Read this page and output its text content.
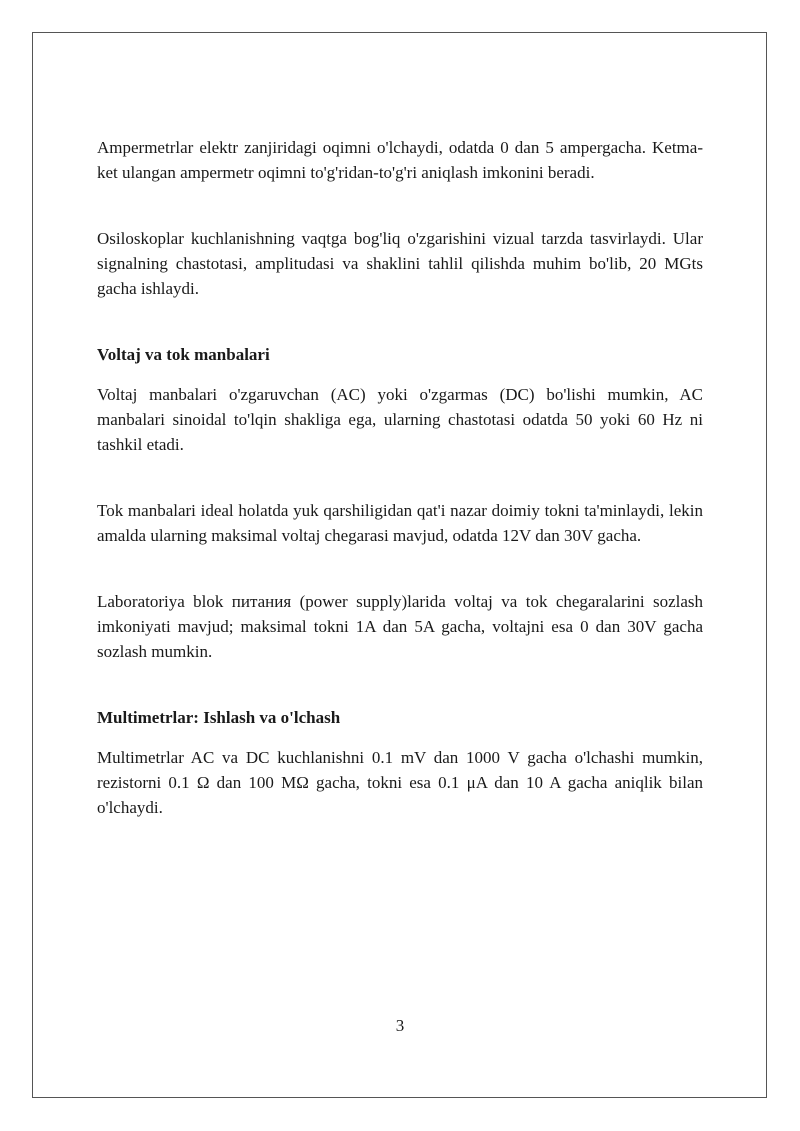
Ampermetrlar elektr zanjiridagi oqimni o'lchaydi, odatda 0 dan 5 ampergacha. Ketma-ket ulangan ampermetr oqimni to'g'ridan-to'g'ri aniqlash imkonini beradi.

Osiloskoplar kuchlanishning vaqtga bog'liq o'zgarishini vizual tarzda tasvirlaydi. Ular signalning chastotasi, amplitudasi va shaklini tahlil qilishda muhim bo'lib, 20 MGts gacha ishlaydi.

Voltaj va tok manbalari

Voltaj manbalari o'zgaruvchan (AC) yoki o'zgarmas (DC) bo'lishi mumkin, AC manbalari sinoidal to'lqin shakliga ega, ularning chastotasi odatda 50 yoki 60 Hz ni tashkil etadi.

Tok manbalari ideal holatda yuk qarshiligidan qat'i nazar doimiy tokni ta'minlaydi, lekin amalda ularning maksimal voltaj chegarasi mavjud, odatda 12V dan 30V gacha.

Laboratoriya blok питания (power supply)larida voltaj va tok chegaralarini sozlash imkoniyati mavjud; maksimal tokni 1A dan 5A gacha, voltajni esa 0 dan 30V gacha sozlash mumkin.

Multimetrlar: Ishlash va o'lchash

Multimetrlar AC va DC kuchlanishni 0.1 mV dan 1000 V gacha o'lchashi mumkin, rezistorni 0.1 Ω dan 100 MΩ gacha, tokni esa 0.1 μA dan 10 A gacha aniqlik bilan o'lchaydi.

3
